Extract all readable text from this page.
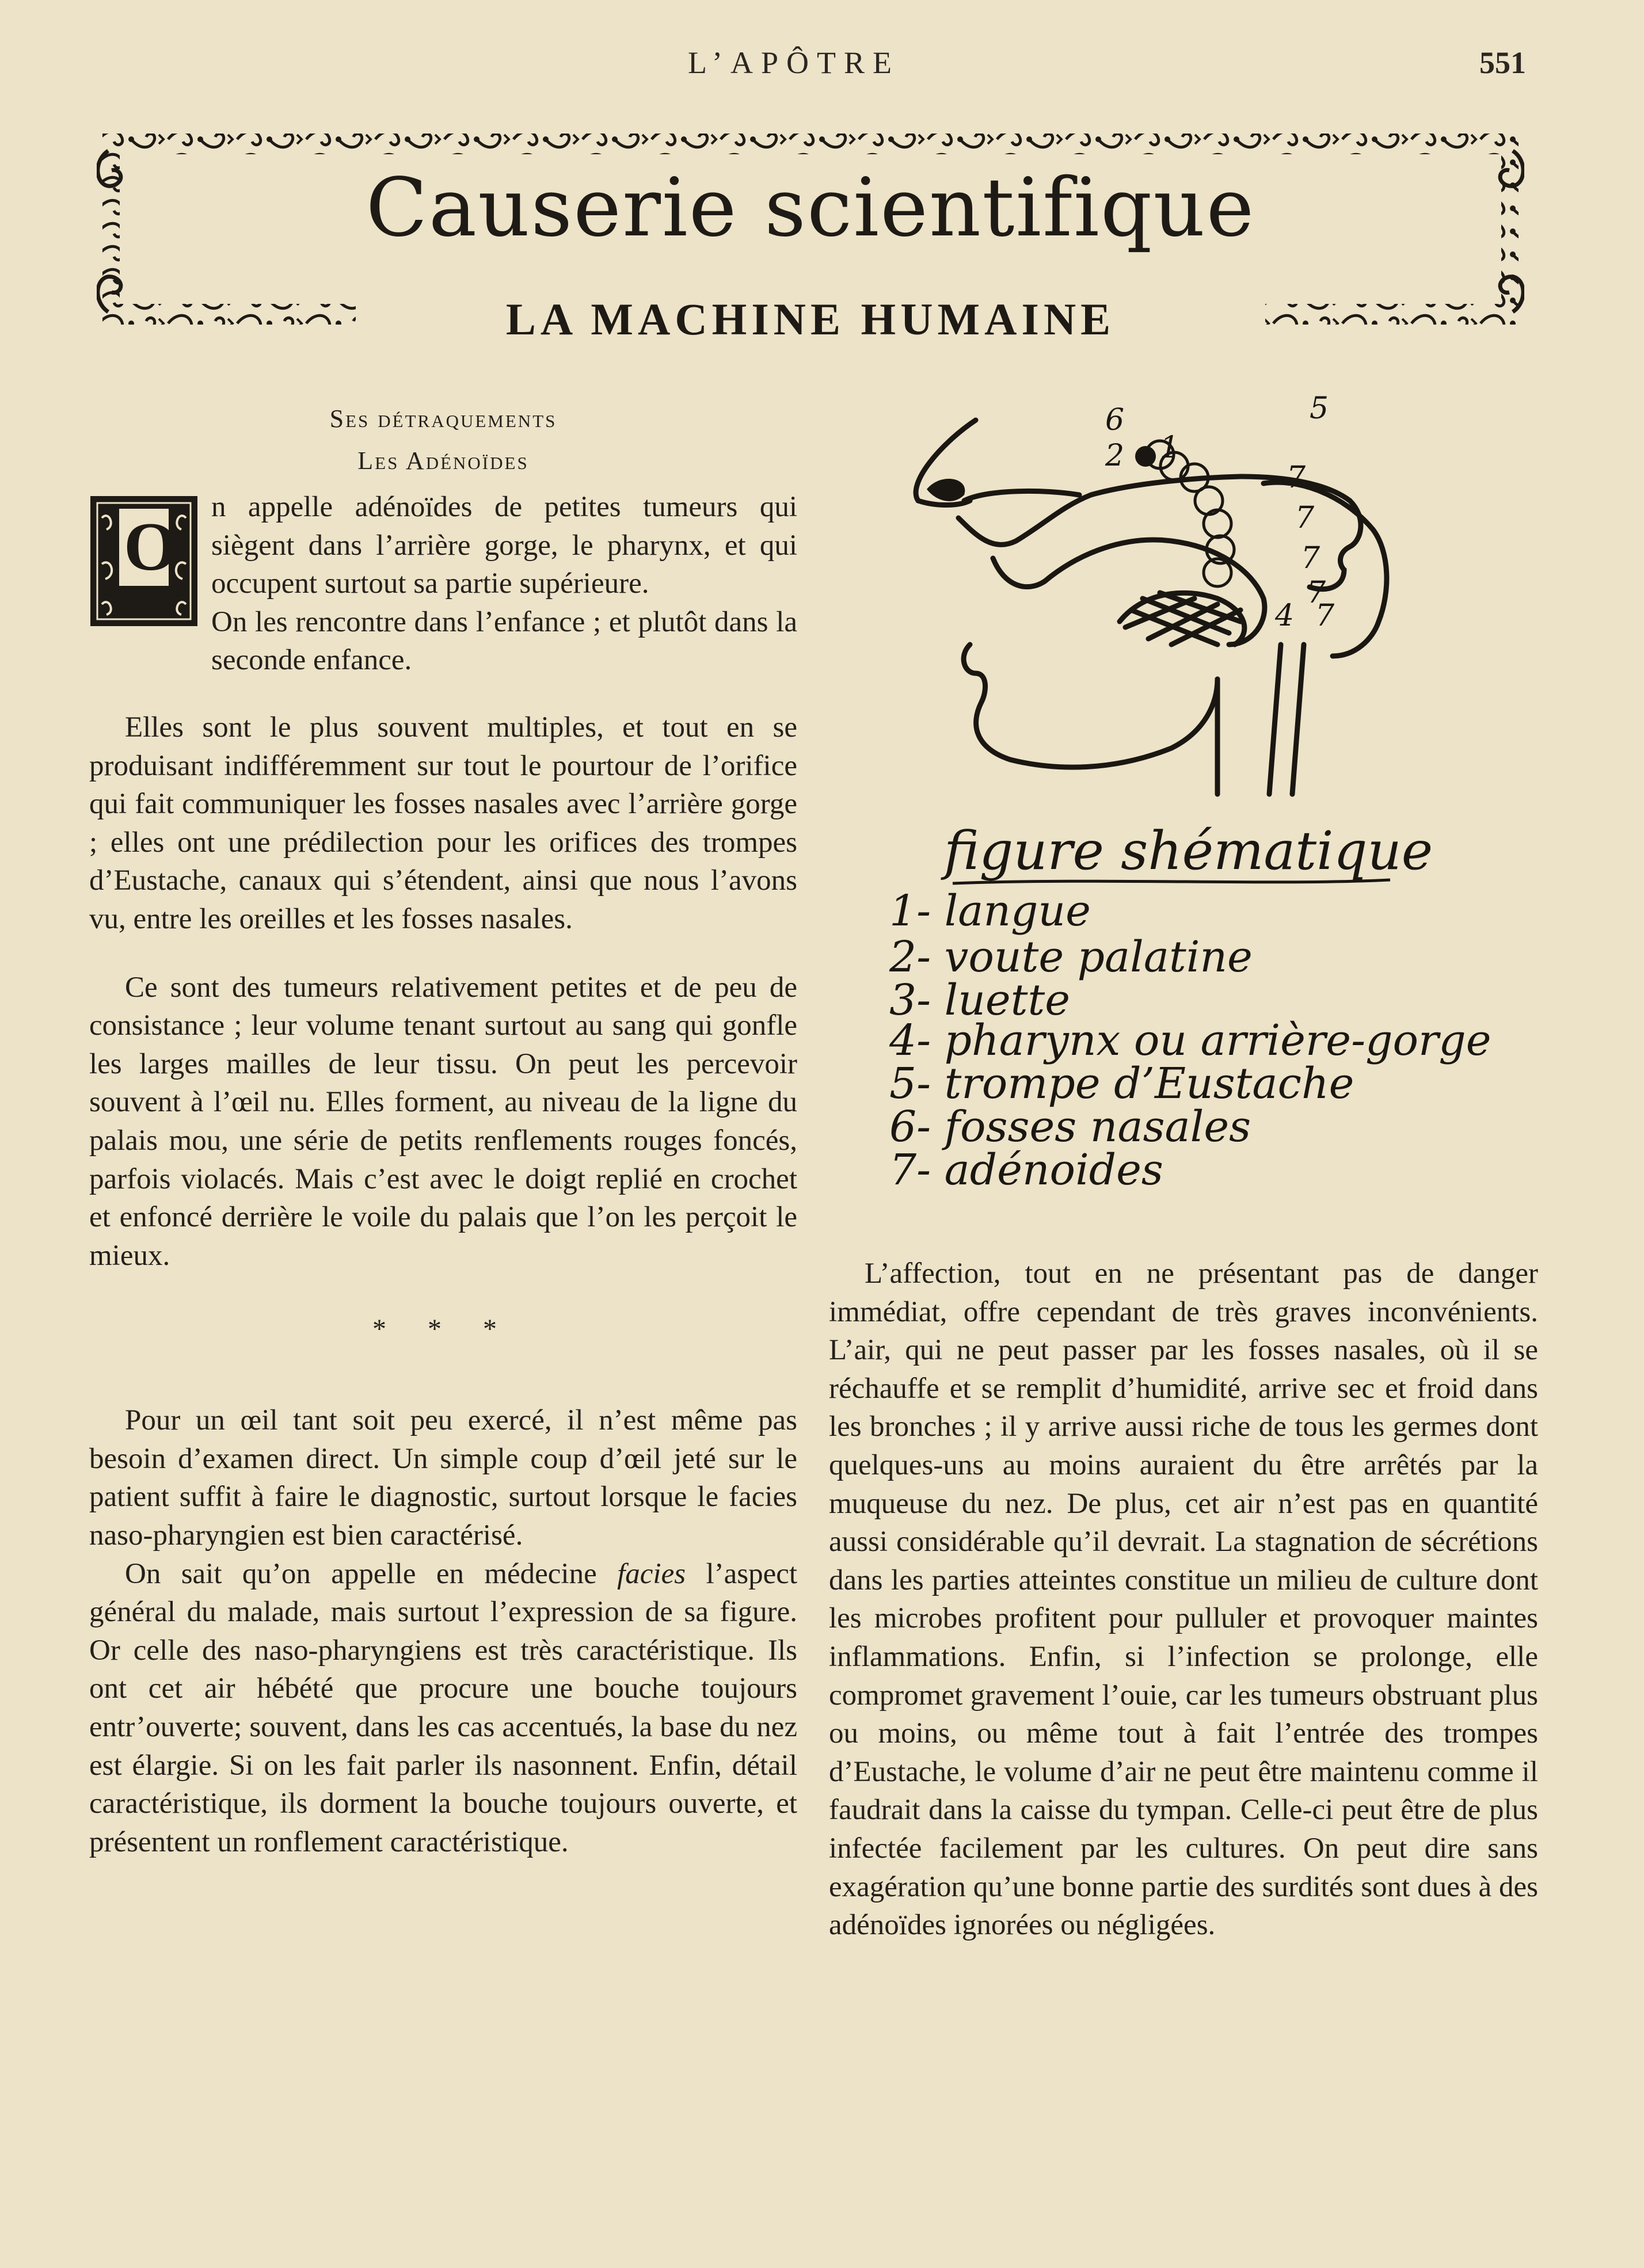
L’APÔTRE	551
Causerie scientifique
LA MACHINE HUMAINE

Ses détraquements

Les Adénoïdes

O

n appelle adénoïdes de petites tumeurs qui siègent dans l’arrière gorge, le pharynx, et qui occupent surtout sa partie supérieure.

On les rencontre dans l’enfance ; et plutôt dans la seconde enfance.

Elles sont le plus souvent multiples, et tout en se produisant indifféremment sur tout le pourtour de l’orifice qui fait communiquer les fosses nasales avec l’arrière gorge ; elles ont une prédilection pour les orifices des trompes d’Eustache, canaux qui s’étendent, ainsi que nous l’avons vu, entre les oreilles et les fosses nasales.

Ce sont des tumeurs relativement petites et de peu de consistance ; leur volume tenant surtout au sang qui gonfle les larges mailles de leur tissu. On peut les percevoir souvent à l’œil nu. Elles forment, au niveau de la ligne du palais mou, une série de petits renflements rouges foncés, parfois violacés. Mais c’est avec le doigt replié en crochet et enfoncé derrière le voile du palais que l’on les perçoit le mieux.

* * *

Pour un œil tant soit peu exercé, il n’est même pas besoin d’examen direct. Un simple coup d’œil jeté sur le patient suffit à faire le diagnostic, surtout lorsque le facies naso-pharyngien est bien caractérisé.

On sait qu’on appelle en médecine facies l’aspect général du malade, mais surtout l’expression de sa figure. Or celle des naso-pharyngiens est très caractéristique. Ils ont cet air hébété que procure une bouche toujours entr’ouverte; souvent, dans les cas accentués, la base du nez est élargie. Si on les fait parler ils nasonnent. Enfin, détail caractéristique, ils dorment la bouche toujours ouverte, et présentent un ronflement caractéristique.

6
2 1
5
7
7
7
7
7
4
figure shématique
1- langue
2- voute palatine
3- luette
4- pharynx ou arrière-gorge
5- trompe d’Eustache
6- fosses nasales
7- adénoides

L’affection, tout en ne présentant pas de danger immédiat, offre cependant de très graves inconvénients. L’air, qui ne peut passer par les fosses nasales, où il se réchauffe et se remplit d’humidité, arrive sec et froid dans les bronches ; il y arrive aussi riche de tous les germes dont quelques-uns au moins auraient du être arrêtés par la muqueuse du nez. De plus, cet air n’est pas en quantité aussi considérable qu’il devrait. La stagnation de sécrétions dans les parties atteintes constitue un milieu de culture dont les microbes profitent pour pulluler et provoquer maintes inflammations. Enfin, si l’infection se prolonge, elle compromet gravement l’ouie, car les tumeurs obstruant plus ou moins, ou même tout à fait l’entrée des trompes d’Eustache, le volume d’air ne peut être maintenu comme il faudrait dans la caisse du tympan. Celle-ci peut être de plus infectée facilement par les cultures. On peut dire sans exagération qu’une bonne partie des surdités sont dues à des adénoïdes ignorées ou négligées.
